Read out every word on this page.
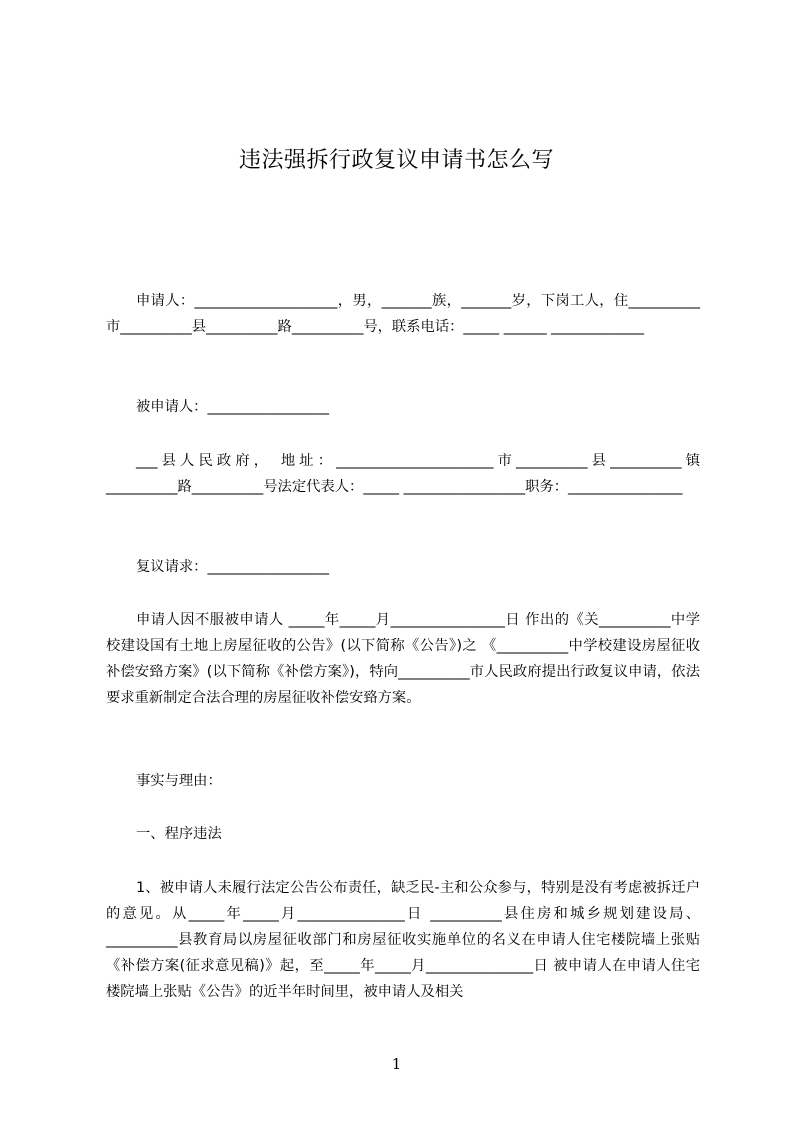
违法强拆行政复议申请书怎么写

申请人：____________________，男，_______族，_______岁，下岗工人，住__________市__________县__________路__________号，联系电话：_____ ______ _____________

被申请人：_________________

___县人民政府， 地址：______________________市__________县__________镇__________路__________号法定代表人：_____ _________________职务：________________

复议请求：_________________

申请人因不服被申请人 _____年_____月________________日 作出的《关__________中学校建设国有土地上房屋征收的公告》(以下简称《公告》)之 《__________中学校建设房屋征收补偿安臵方案》(以下简称《补偿方案》)，特向__________市人民政府提出行政复议申请，依法要求重新制定合法合理的房屋征收补偿安臵方案。

事实与理由：

一、程序违法

1、被申请人未履行法定公告公布责任，缺乏民-主和公众参与，特别是没有考虑被拆迁户的意见。从_____年_____月_______________日 __________县住房和城乡规划建设局、__________县教育局以房屋征收部门和房屋征收实施单位的名义在申请人住宅楼院墙上张贴《补偿方案(征求意见稿)》起，至_____年_____月_______________日 被申请人在申请人住宅楼院墙上张贴《公告》的近半年时间里，被申请人及相关

1
